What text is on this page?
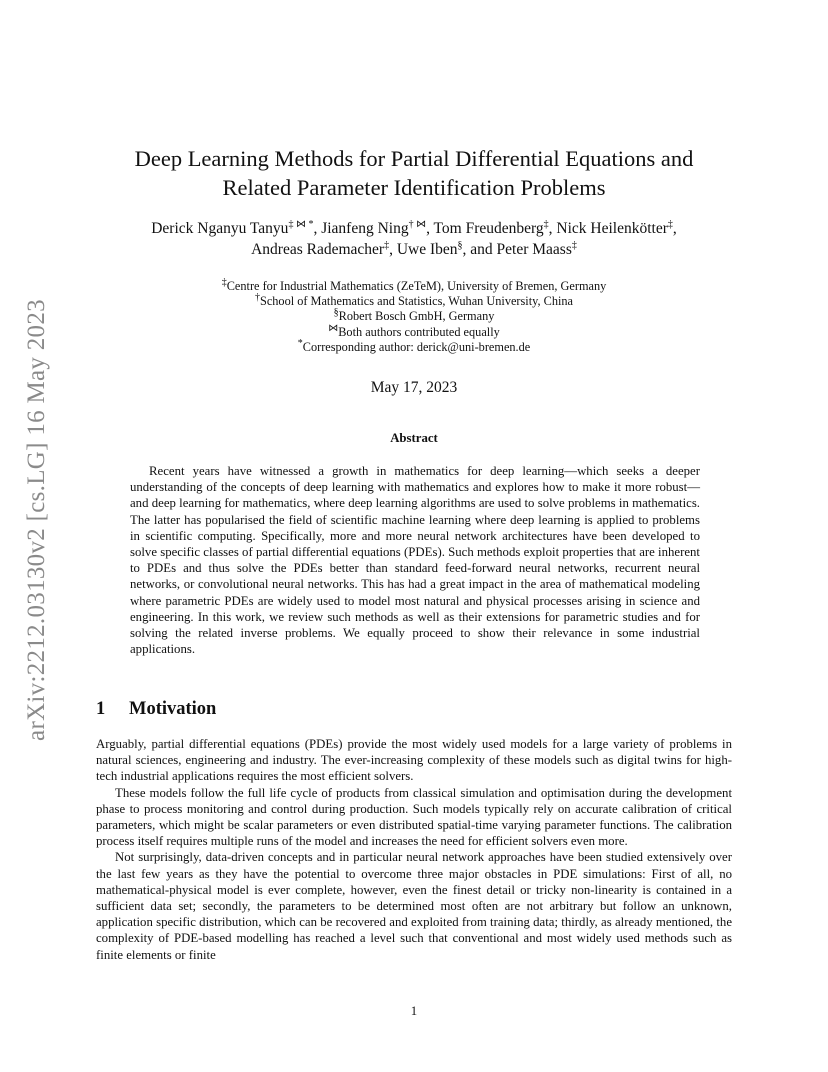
arXiv:2212.03130v2 [cs.LG] 16 May 2023
Deep Learning Methods for Partial Differential Equations and
Related Parameter Identification Problems
Derick Nganyu Tanyu‡ ⋈ *, Jianfeng Ning† ⋈, Tom Freudenberg‡, Nick Heilenkötter‡,
Andreas Rademacher‡, Uwe Iben§, and Peter Maass‡
‡Centre for Industrial Mathematics (ZeTeM), University of Bremen, Germany
†School of Mathematics and Statistics, Wuhan University, China
§Robert Bosch GmbH, Germany
⋈Both authors contributed equally
*Corresponding author: derick@uni-bremen.de
May 17, 2023
Abstract

Recent years have witnessed a growth in mathematics for deep learning—which seeks a deeper understanding of the concepts of deep learning with mathematics and explores how to make it more robust—and deep learning for mathematics, where deep learning algorithms are used to solve problems in mathematics. The latter has popularised the field of scientific machine learning where deep learning is applied to problems in scientific computing. Specifically, more and more neural network architectures have been developed to solve specific classes of partial differential equations (PDEs). Such methods exploit properties that are inherent to PDEs and thus solve the PDEs better than standard feed-forward neural networks, recurrent neural networks, or convolutional neural networks. This has had a great impact in the area of mathematical modeling where parametric PDEs are widely used to model most natural and physical processes arising in science and engineering. In this work, we review such methods as well as their extensions for parametric studies and for solving the related inverse problems. We equally proceed to show their relevance in some industrial applications.

1 Motivation

Arguably, partial differential equations (PDEs) provide the most widely used models for a large variety of problems in natural sciences, engineering and industry. The ever-increasing complexity of these models such as digital twins for high-tech industrial applications requires the most efficient solvers.

These models follow the full life cycle of products from classical simulation and optimisation during the development phase to process monitoring and control during production. Such models typically rely on accurate calibration of critical parameters, which might be scalar parameters or even distributed spatial-time varying parameter functions. The calibration process itself requires multiple runs of the model and increases the need for efficient solvers even more.

Not surprisingly, data-driven concepts and in particular neural network approaches have been studied extensively over the last few years as they have the potential to overcome three major obstacles in PDE simulations: First of all, no mathematical-physical model is ever complete, however, even the finest detail or tricky non-linearity is contained in a sufficient data set; secondly, the parameters to be determined most often are not arbitrary but follow an unknown, application specific distribution, which can be recovered and exploited from training data; thirdly, as already mentioned, the complexity of PDE-based modelling has reached a level such that conventional and most widely used methods such as finite elements or finite

1
